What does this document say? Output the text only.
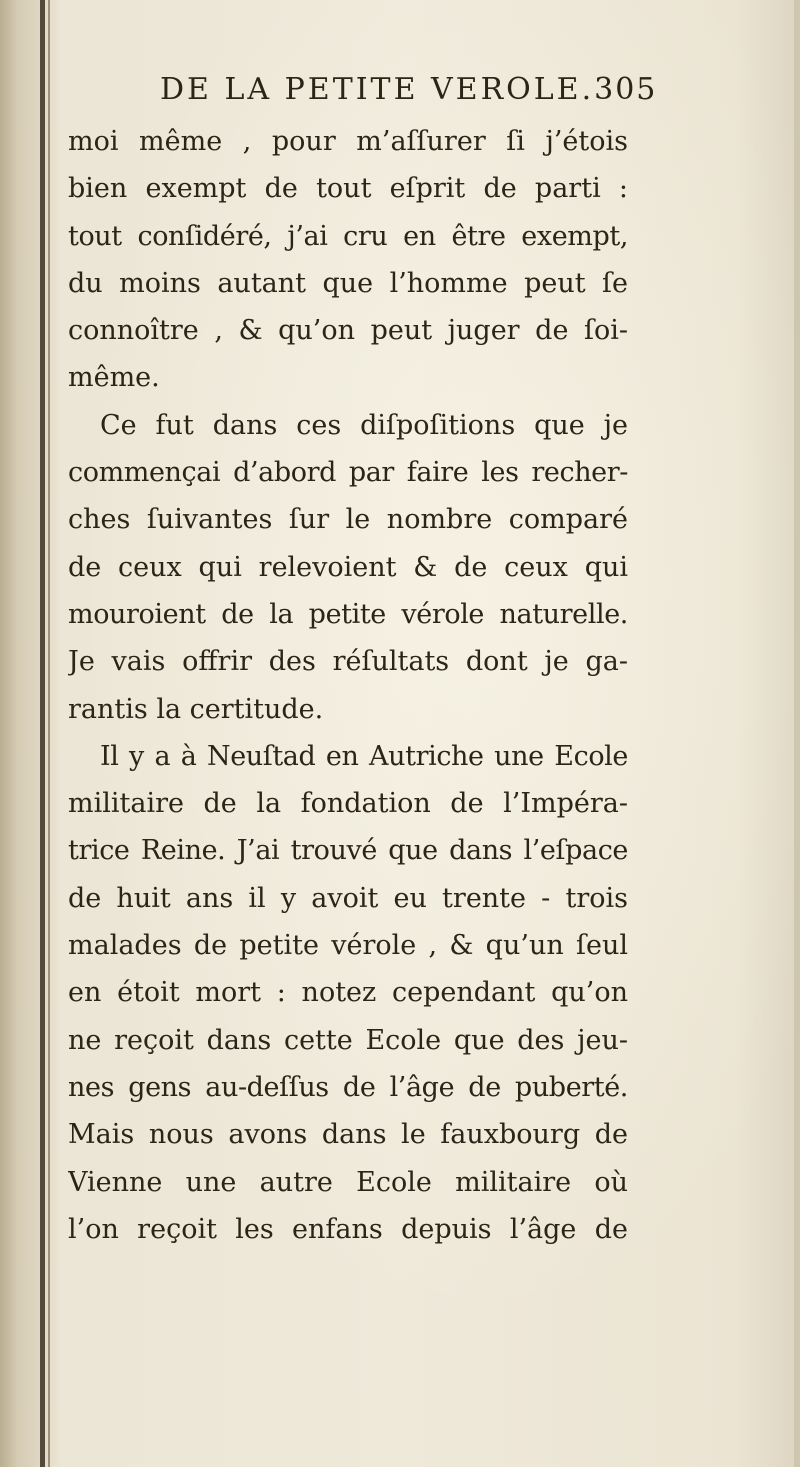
DE LA PETITE VEROLE. 305
moi même , pour m’aſſurer ſi j’étois
bien exempt de tout eſprit de parti :
tout conſidéré, j’ai cru en être exempt,
du moins autant que l’homme peut ſe
connoître , & qu’on peut juger de ſoi-
même.
Ce fut dans ces diſpoſitions que je
commençai d’abord par faire les recher-
ches ſuivantes ſur le nombre comparé
de ceux qui relevoient & de ceux qui
mouroient de la petite vérole naturelle.
Je vais offrir des réſultats dont je ga-
rantis la certitude.
Il y a à Neuſtad en Autriche une Ecole
militaire de la fondation de l’Impéra-
trice Reine. J’ai trouvé que dans l’eſpace
de huit ans il y avoit eu trente - trois
malades de petite vérole , & qu’un ſeul
en étoit mort : notez cependant qu’on
ne reçoit dans cette Ecole que des jeu-
nes gens au-deſſus de l’âge de puberté.
Mais nous avons dans le fauxbourg de
Vienne une autre Ecole militaire où
l’on reçoit les enfans depuis l’âge de
